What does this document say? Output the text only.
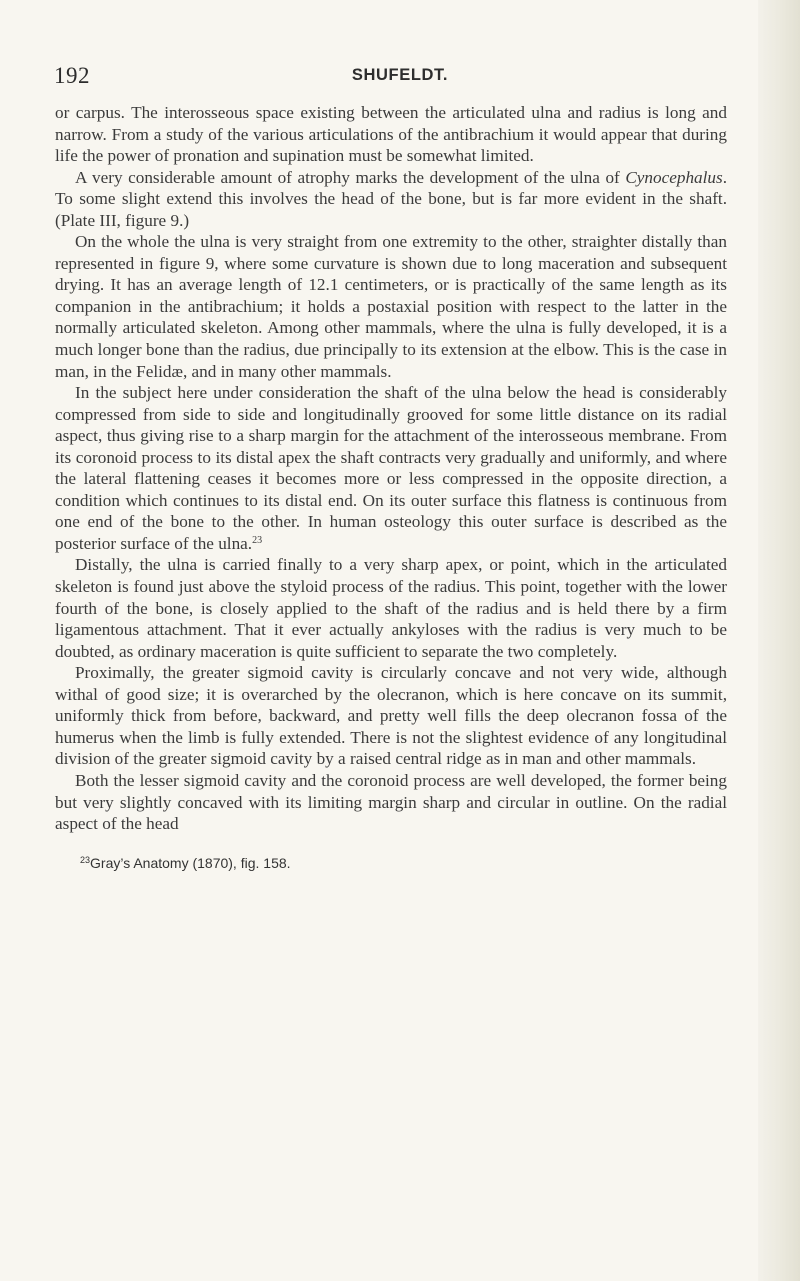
192	SHUFELDT.

or carpus. The interosseous space existing between the articulated ulna and radius is long and narrow. From a study of the various articulations of the antibrachium it would appear that during life the power of pronation and supination must be somewhat limited.

A very considerable amount of atrophy marks the development of the ulna of Cynocephalus. To some slight extend this involves the head of the bone, but is far more evident in the shaft. (Plate III, figure 9.)

On the whole the ulna is very straight from one extremity to the other, straighter distally than represented in figure 9, where some curvature is shown due to long maceration and subsequent drying. It has an average length of 12.1 centimeters, or is practically of the same length as its companion in the antibrachium; it holds a postaxial position with respect to the latter in the normally articulated skeleton. Among other mammals, where the ulna is fully developed, it is a much longer bone than the radius, due principally to its extension at the elbow. This is the case in man, in the Felidæ, and in many other mammals.

In the subject here under consideration the shaft of the ulna below the head is considerably compressed from side to side and longitudinally grooved for some little distance on its radial aspect, thus giving rise to a sharp margin for the attachment of the interosseous membrane. From its coronoid process to its distal apex the shaft contracts very gradually and uniformly, and where the lateral flattening ceases it becomes more or less compressed in the opposite direction, a condition which continues to its distal end. On its outer surface this flatness is continuous from one end of the bone to the other. In human osteology this outer surface is described as the posterior surface of the ulna.$^{23}$

Distally, the ulna is carried finally to a very sharp apex, or point, which in the articulated skeleton is found just above the styloid process of the radius. This point, together with the lower fourth of the bone, is closely applied to the shaft of the radius and is held there by a firm ligamentous attachment. That it ever actually ankyloses with the radius is very much to be doubted, as ordinary maceration is quite sufficient to separate the two completely.

Proximally, the greater sigmoid cavity is circularly concave and not very wide, although withal of good size; it is overarched by the olecranon, which is here concave on its summit, uniformly thick from before, backward, and pretty well fills the deep olecranon fossa of the humerus when the limb is fully extended. There is not the slightest evidence of any longitudinal division of the greater sigmoid cavity by a raised central ridge as in man and other mammals.

Both the lesser sigmoid cavity and the coronoid process are well developed, the former being but very slightly concaved with its limiting margin sharp and circular in outline. On the radial aspect of the head

$^{23}$Gray’s Anatomy (1870), fig. 158.
